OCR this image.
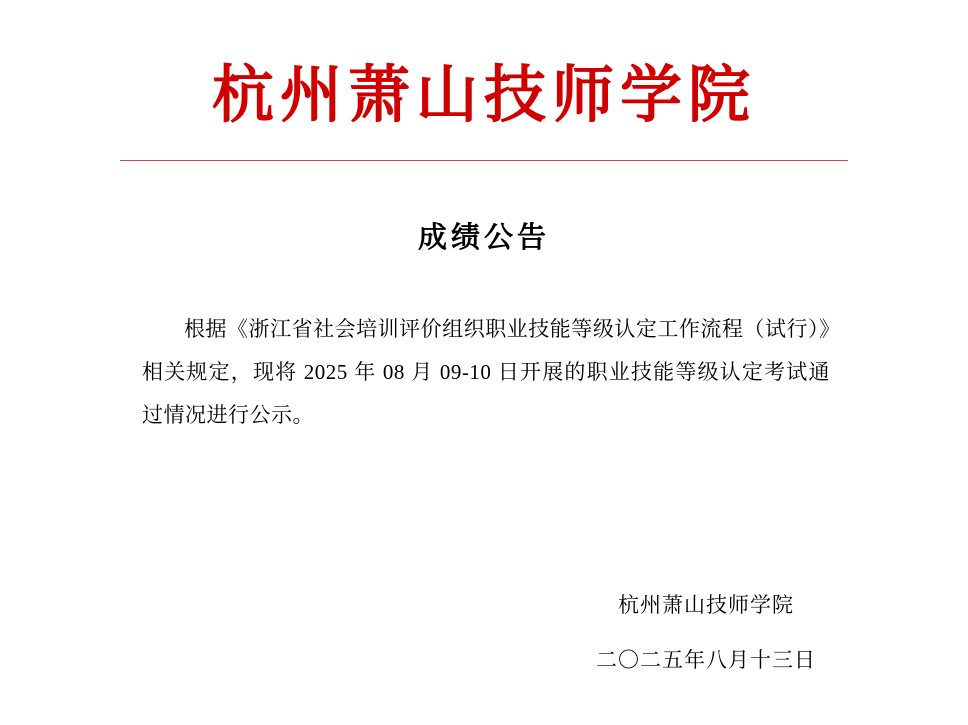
杭州萧山技师学院
成绩公告

根据《浙江省社会培训评价组织职业技能等级认定工作流程（试行）》相关规定，现将 2025 年 08 月 09-10 日开展的职业技能等级认定考试通过情况进行公示。

杭州萧山技师学院
二〇二五年八月十三日
